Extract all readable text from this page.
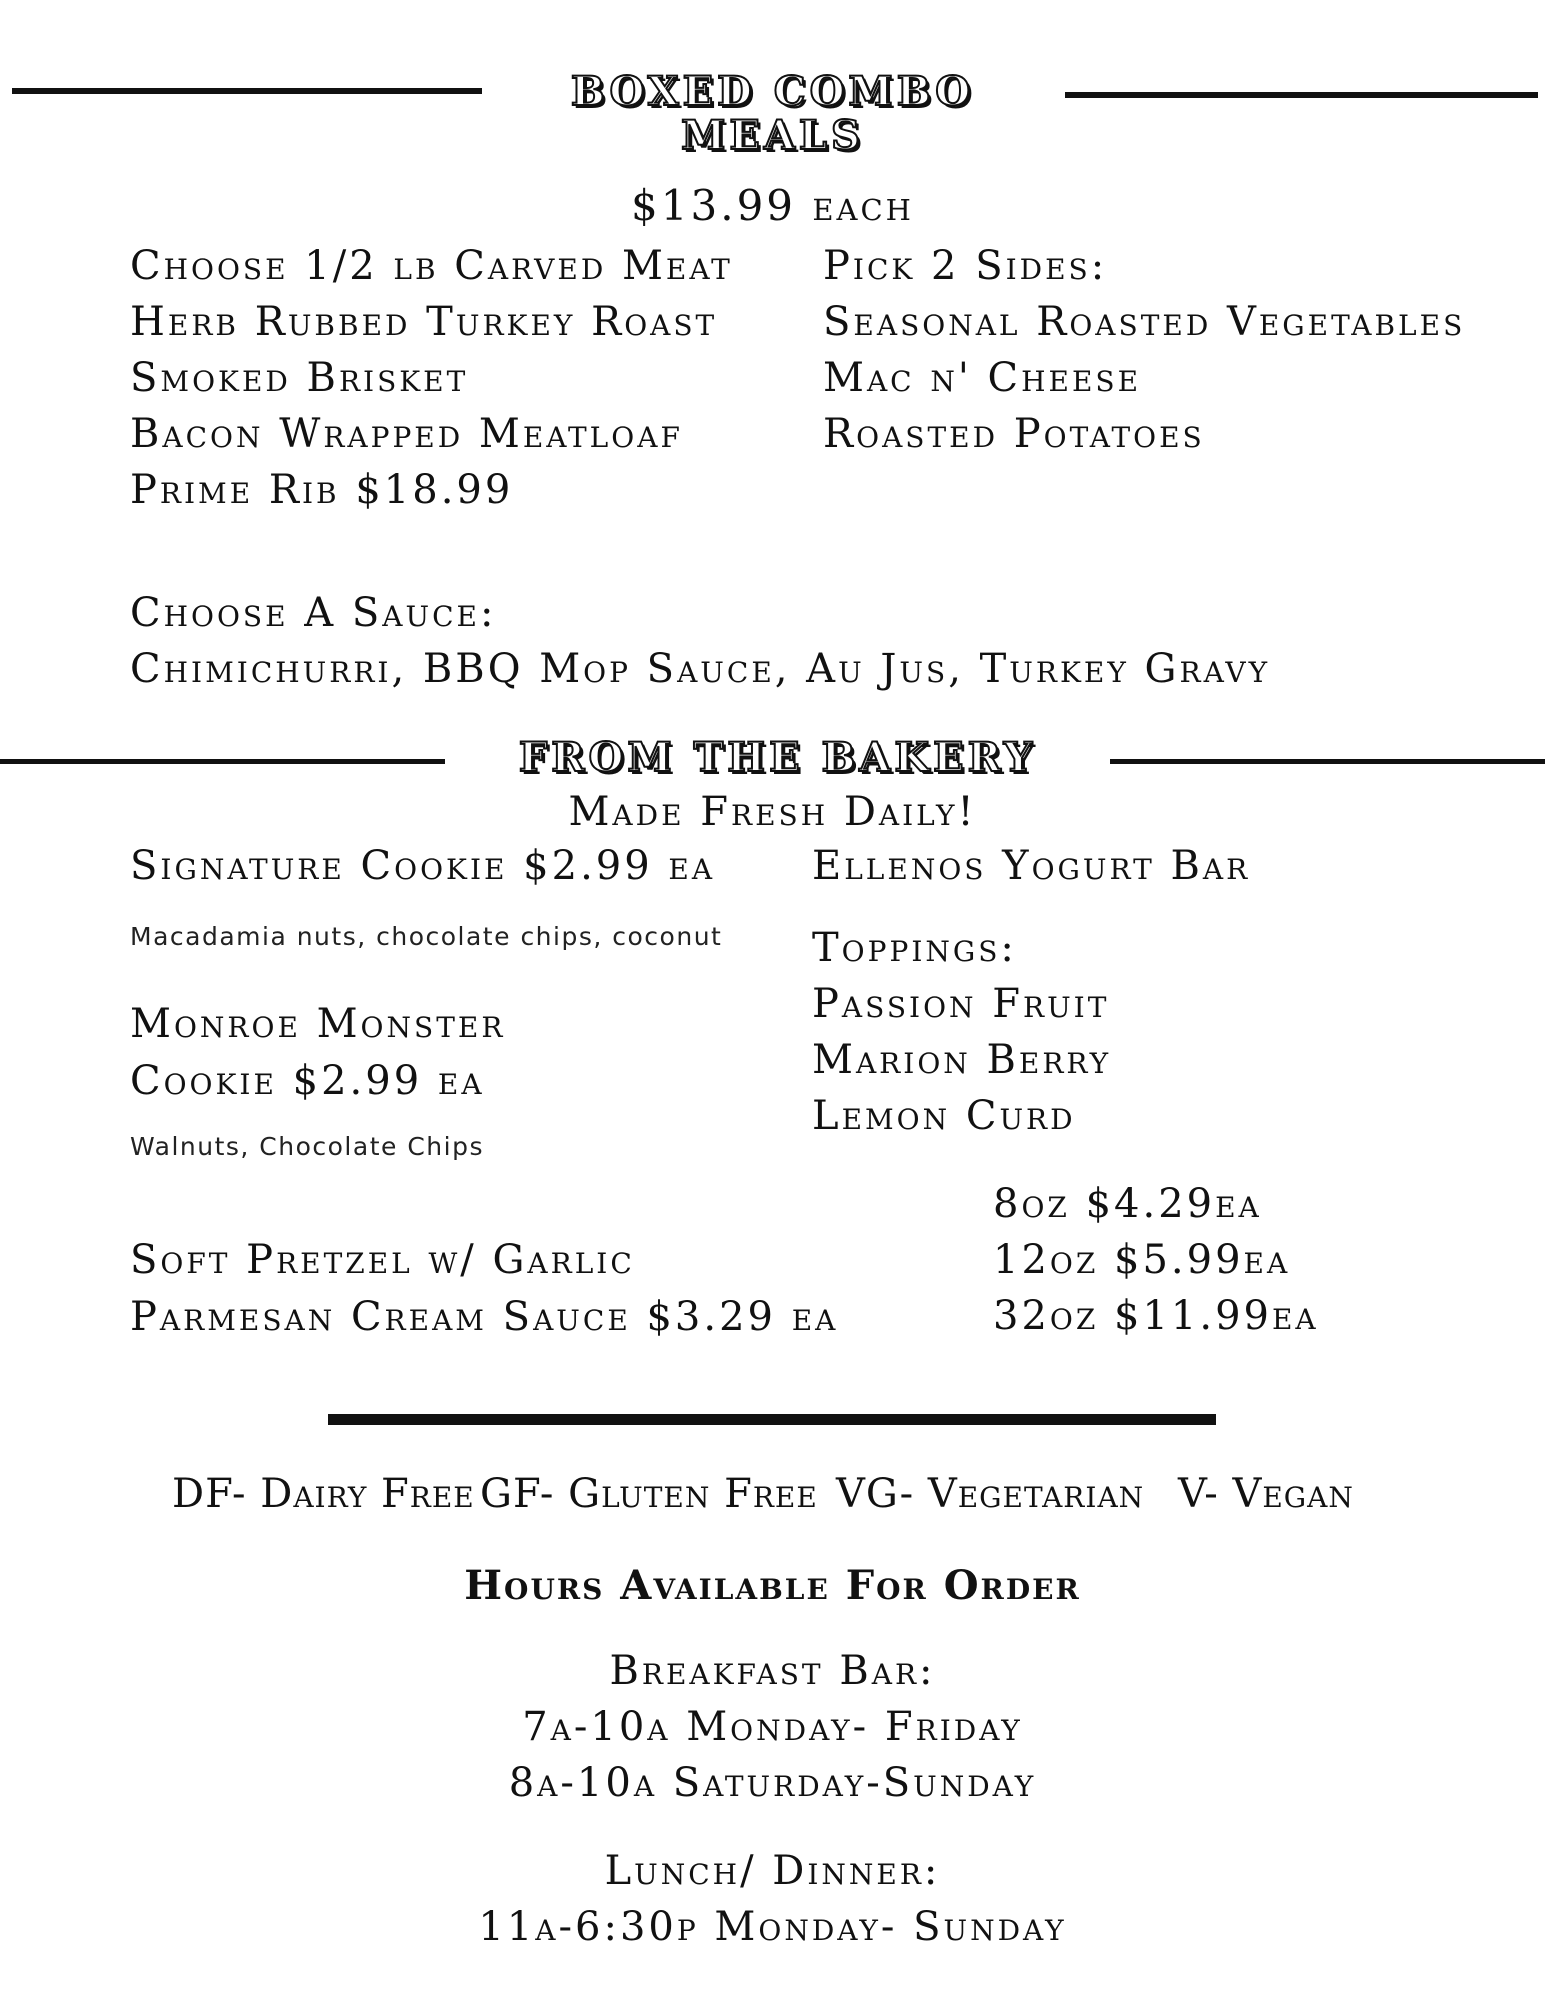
BOXED COMBO
MEALS
$13.99 each
Choose 1/2 lb Carved Meat
Herb Rubbed Turkey Roast
Smoked Brisket
Bacon Wrapped Meatloaf
Prime Rib $18.99
Pick 2 Sides:
Seasonal Roasted Vegetables
Mac n' Cheese
Roasted Potatoes
Choose A Sauce:
Chimichurri, BBQ Mop Sauce, Au Jus, Turkey Gravy
FROM THE BAKERY
Made Fresh Daily!
Signature Cookie $2.99 ea
Macadamia nuts, chocolate chips, coconut
Monroe Monster
Cookie $2.99 ea
Walnuts, Chocolate Chips
Soft Pretzel w/ Garlic
Parmesan Cream Sauce $3.29 ea
Ellenos Yogurt Bar
Toppings:
Passion Fruit
Marion Berry
Lemon Curd
8oz $4.29ea
12oz $5.99ea
32oz $11.99ea
DF- Dairy Free GF- Gluten Free VG- Vegetarian V- Vegan
Hours Available For Order
Breakfast Bar:
7a-10a Monday- Friday
8a-10a Saturday-Sunday
Lunch/ Dinner:
11a-6:30p Monday- Sunday
